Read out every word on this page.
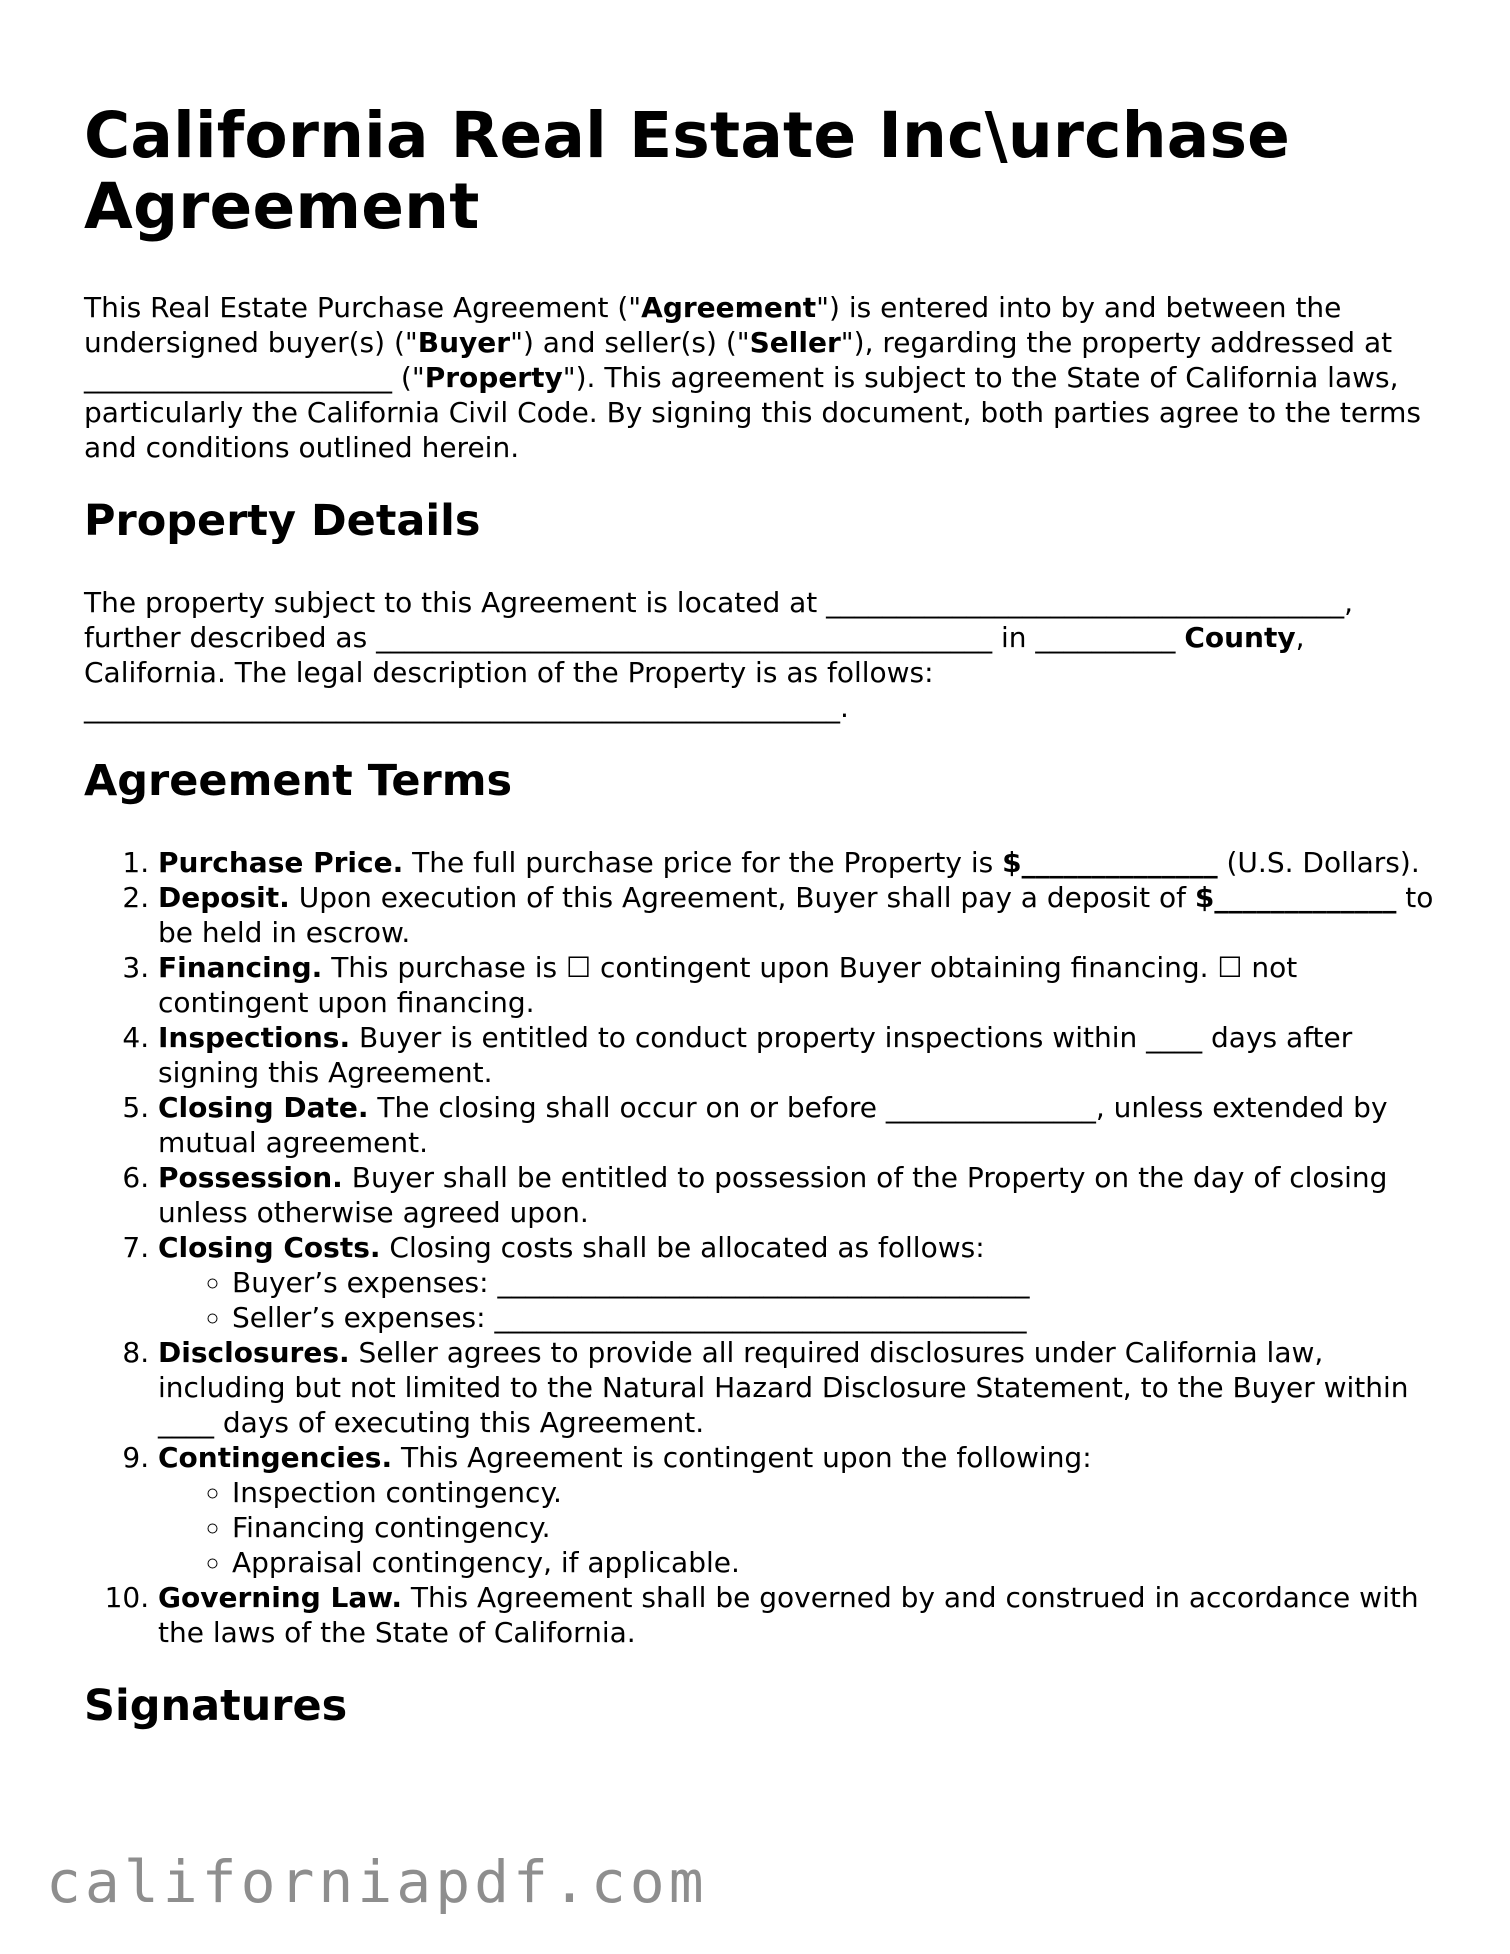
California Real Estate Inc\urchase Agreement

This Real Estate Purchase Agreement ("Agreement") is entered into by and between the undersigned buyer(s) ("Buyer") and seller(s) ("Seller"), regarding the property addressed at ______________________ ("Property"). This agreement is subject to the State of California laws, particularly the California Civil Code. By signing this document, both parties agree to the terms and conditions outlined herein.

Property Details

The property subject to this Agreement is located at _____________________________________, further described as ____________________________________________ in __________ County, California. The legal description of the Property is as follows: ______________________________________________________.

Agreement Terms
1. Purchase Price. The full purchase price for the Property is $______________ (U.S. Dollars).
2. Deposit. Upon execution of this Agreement, Buyer shall pay a deposit of $_____________ to be held in escrow.
3. Financing. This purchase is ☐ contingent upon Buyer obtaining financing. ☐ not contingent upon financing.
4. Inspections. Buyer is entitled to conduct property inspections within ____ days after signing this Agreement.
5. Closing Date. The closing shall occur on or before _______________, unless extended by mutual agreement.
6. Possession. Buyer shall be entitled to possession of the Property on the day of closing unless otherwise agreed upon.
7. Closing Costs. Closing costs shall be allocated as follows:
◦ Buyer’s expenses: ______________________________________
◦ Seller’s expenses: ______________________________________
8. Disclosures. Seller agrees to provide all required disclosures under California law, including but not limited to the Natural Hazard Disclosure Statement, to the Buyer within ____ days of executing this Agreement.
9. Contingencies. This Agreement is contingent upon the following:
◦ Inspection contingency.
◦ Financing contingency.
◦ Appraisal contingency, if applicable.
10. Governing Law. This Agreement shall be governed by and construed in accordance with the laws of the State of California.
Signatures
californiapdf.com
